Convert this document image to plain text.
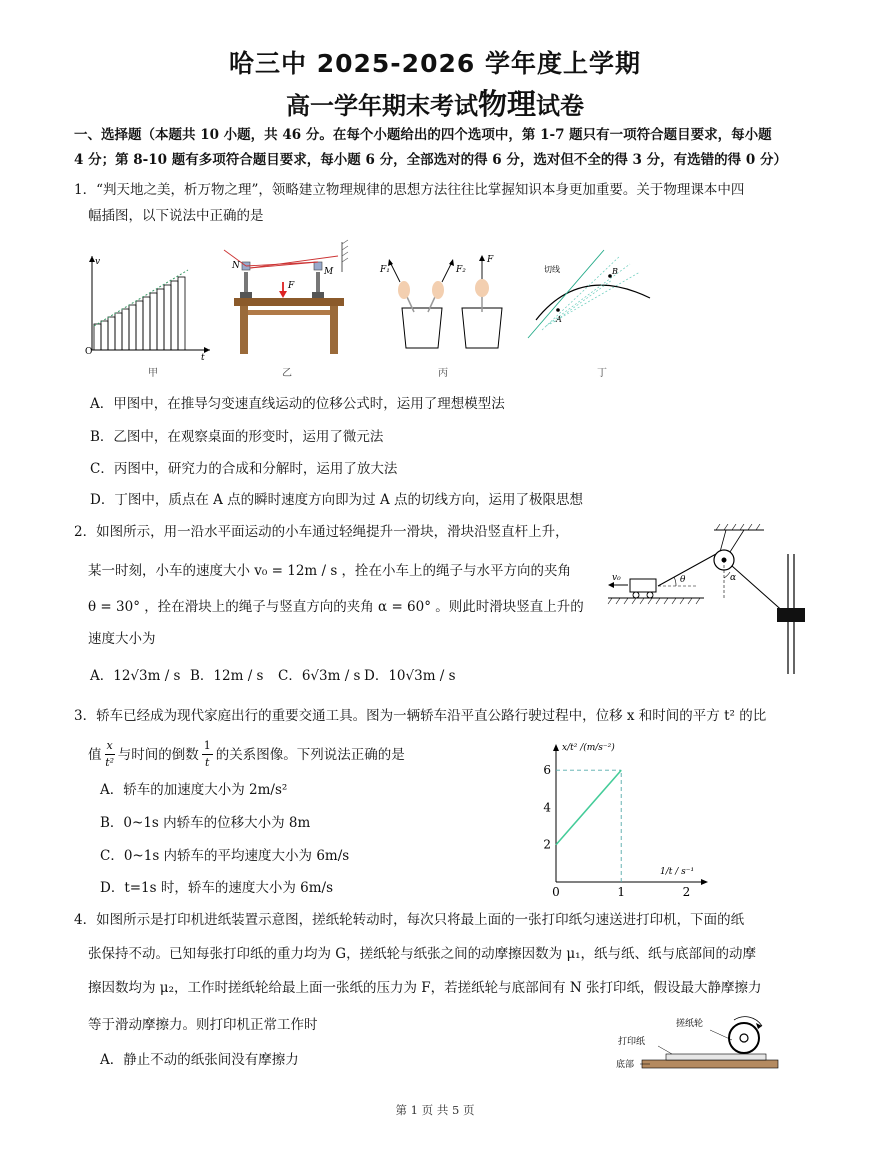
哈三中 2025-2026 学年度上学期
高一学年期末考试物理试卷
一、选择题（本题共 10 小题，共 46 分。在每个小题给出的四个选项中，第 1-7 题只有一项符合题目要求，每小题
4 分；第 8-10 题有多项符合题目要求，每小题 6 分，全部选对的得 6 分，选对但不全的得 3 分，有选错的得 0 分）
1．“判天地之美，析万物之理”，领略建立物理规律的思想方法往往比掌握知识本身更加重要。关于物理课本中四
幅插图，以下说法中正确的是
O
v
t
甲
N
M
F
乙
F₁	F₂
F
丙
切线
A
B
丁
A．甲图中，在推导匀变速直线运动的位移公式时，运用了理想模型法
B．乙图中，在观察桌面的形变时，运用了微元法
C．丙图中，研究力的合成和分解时，运用了放大法
D．丁图中，质点在 A 点的瞬时速度方向即为过 A 点的切线方向，运用了极限思想
2．如图所示，用一沿水平面运动的小车通过轻绳提升一滑块，滑块沿竖直杆上升，
某一时刻，小车的速度大小 v₀ = 12m / s ，拴在小车上的绳子与水平方向的夹角
θ = 30° ，拴在滑块上的绳子与竖直方向的夹角 α = 60° 。则此时滑块竖直上升的
速度大小为
A．12√3m / s B．12m / s C．6√3m / s D．10√3m / s
v₀	θ	α
3．轿车已经成为现代家庭出行的重要交通工具。图为一辆轿车沿平直公路行驶过程中，位移 x 和时间的平方 t² 的比
值
x
t² 与时间的倒数
1
t 的关系图像。下列说法正确的是
A．轿车的加速度大小为 2m/s²
B．0~1s 内轿车的位移大小为 8m
C．0~1s 内轿车的平均速度大小为 6m/s
D．t=1s 时，轿车的速度大小为 6m/s	0	1	2
2
4
6
x/t² /(m/s⁻²)
1/t / s⁻¹
4．如图所示是打印机进纸装置示意图，搓纸轮转动时，每次只将最上面的一张打印纸匀速送进打印机，下面的纸
张保持不动。已知每张打印纸的重力均为 G，搓纸轮与纸张之间的动摩擦因数为 μ₁，纸与纸、纸与底部间的动摩
擦因数均为 μ₂，工作时搓纸轮给最上面一张纸的压力为 F，若搓纸轮与底部间有 N 张打印纸，假设最大静摩擦力
等于滑动摩擦力。则打印机正常工作时
A．静止不动的纸张间没有摩擦力
打印纸
搓纸轮
底部
第 1 页 共 5 页
